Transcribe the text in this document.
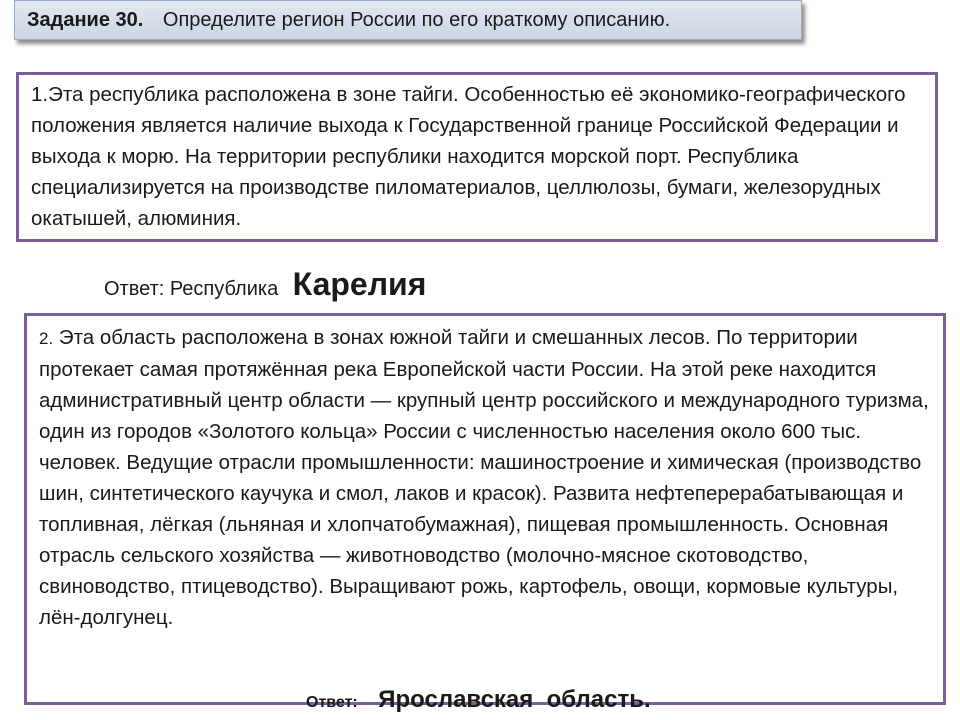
Задание 30. Определите регион России по его краткому описанию.
1.Эта республика расположена в зоне тайги. Особенностью её экономико-географического положения является наличие выхода к Государственной границе Российской Федерации и выхода к морю. На территории республики находится морской порт. Республика специализируется на производстве пиломатериалов, целлюлозы, бумаги, железорудных окатышей, алюминия.
Ответ: Республика Карелия
2. Эта область расположена в зонах южной тайги и смешанных лесов. По территории протекает самая протяжённая река Европейской части России. На этой реке находится административный центр области — крупный центр российского и международного туризма, один из городов «Золотого кольца» России с численностью населения около 600 тыс. человек. Ведущие отрасли промышленности: машиностроение и химическая (производство шин, синтетического каучука и смол, лаков и красок). Развита нефтеперерабатывающая и топливная, лёгкая (льняная и хлопчатобумажная), пищевая промышленность. Основная отрасль сельского хозяйства — животноводство (молочно-мясное скотоводство, свиноводство, птицеводство). Выращивают рожь, картофель, овощи, кормовые культуры, лён-долгунец.
Ответ: Ярославская  область.
